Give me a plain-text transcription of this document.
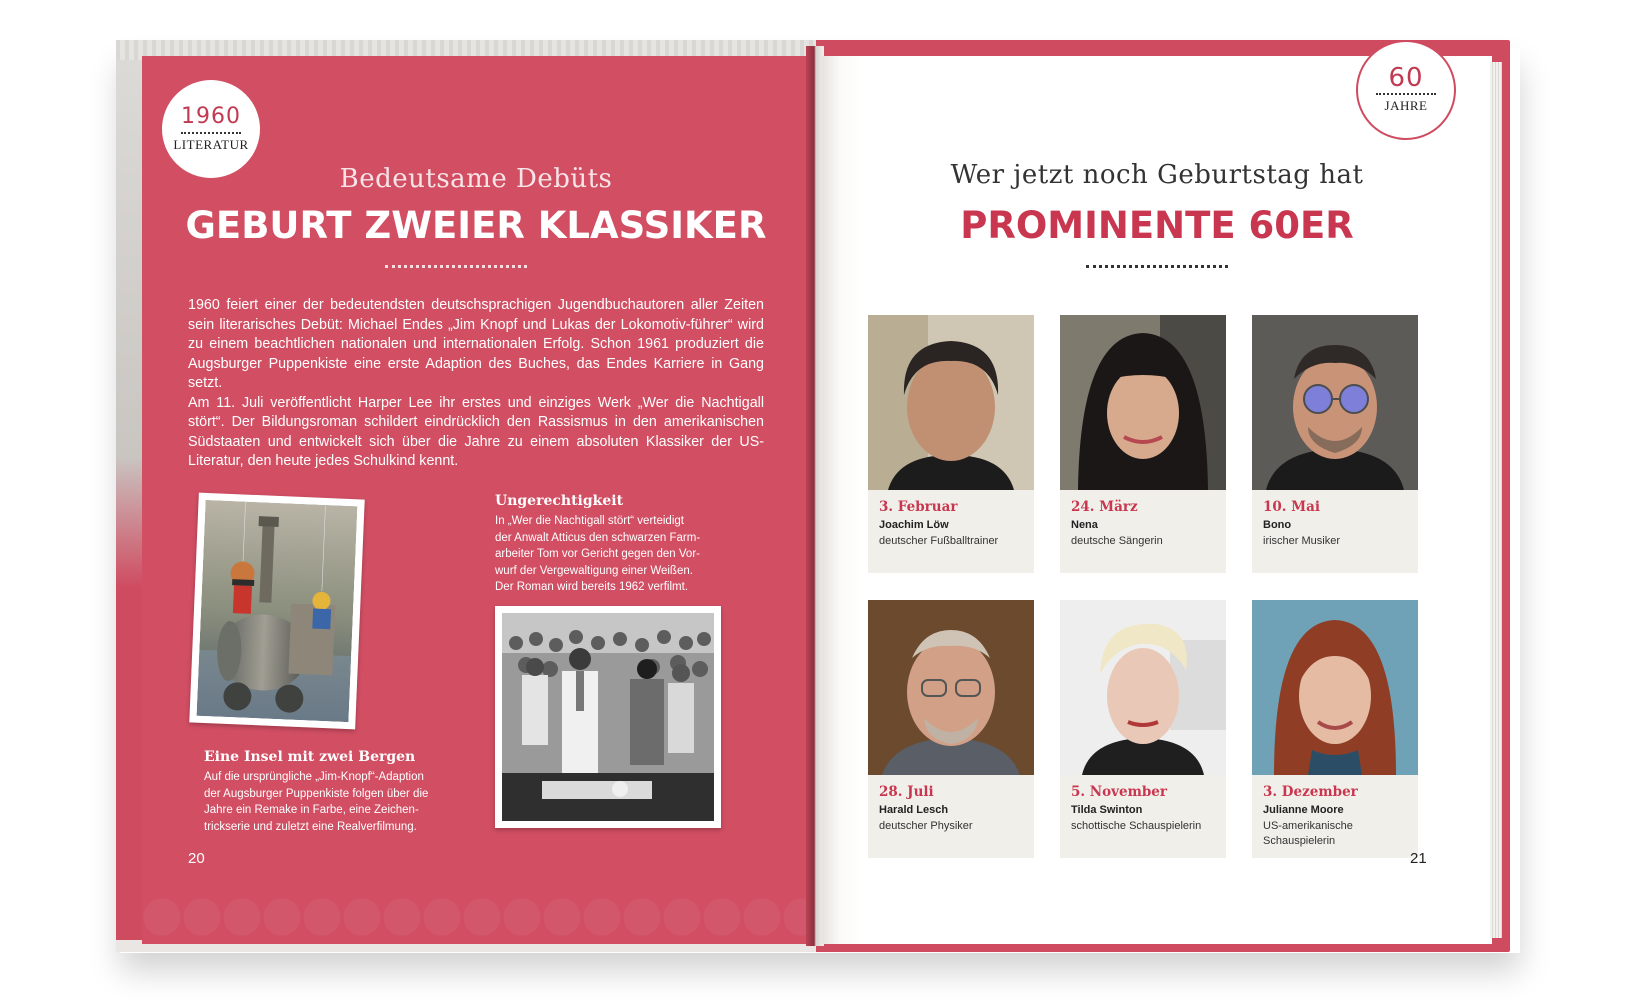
1960
LITERATUR
Bedeutsame Debüts
GEBURT ZWEIER KLASSIKER

1960 feiert einer der bedeutendsten deutschsprachigen Jugendbuchautoren aller Zeiten sein literarisches Debüt: Michael Endes „Jim Knopf und Lukas der Lokomotiv-führer“ wird zu einem beachtlichen nationalen und internationalen Erfolg. Schon 1961 produziert die Augsburger Puppenkiste eine erste Adaption des Buches, das Endes Karriere in Gang setzt.

Am 11. Juli veröffentlicht Harper Lee ihr erstes und einziges Werk „Wer die Nachtigall stört“. Der Bildungsroman schildert eindrücklich den Rassismus in den amerikanischen Südstaaten und entwickelt sich über die Jahre zu einem absoluten Klassiker der US-Literatur, den heute jedes Schulkind kennt.

Eine Insel mit zwei Bergen
Auf die ursprüngliche „Jim-Knopf“-Adaption
der Augsburger Puppenkiste folgen über die
Jahre ein Remake in Farbe, eine Zeichen-
trickserie und zuletzt eine Realverfilmung.
Ungerechtigkeit
In „Wer die Nachtigall stört“ verteidigt
der Anwalt Atticus den schwarzen Farm-
arbeiter Tom vor Gericht gegen den Vor-
wurf der Vergewaltigung einer Weißen.
Der Roman wird bereits 1962 verfilmt.
20
60
JAHRE
Wer jetzt noch Geburtstag hat
PROMINENTE 60ER
3. Februar
Joachim Löw
deutscher Fußballtrainer
24. März
Nena
deutsche Sängerin
10. Mai
Bono
irischer Musiker
28. Juli
Harald Lesch
deutscher Physiker
5. November
Tilda Swinton
schottische Schauspielerin
3. Dezember
Julianne Moore
US-amerikanische Schauspielerin
21
